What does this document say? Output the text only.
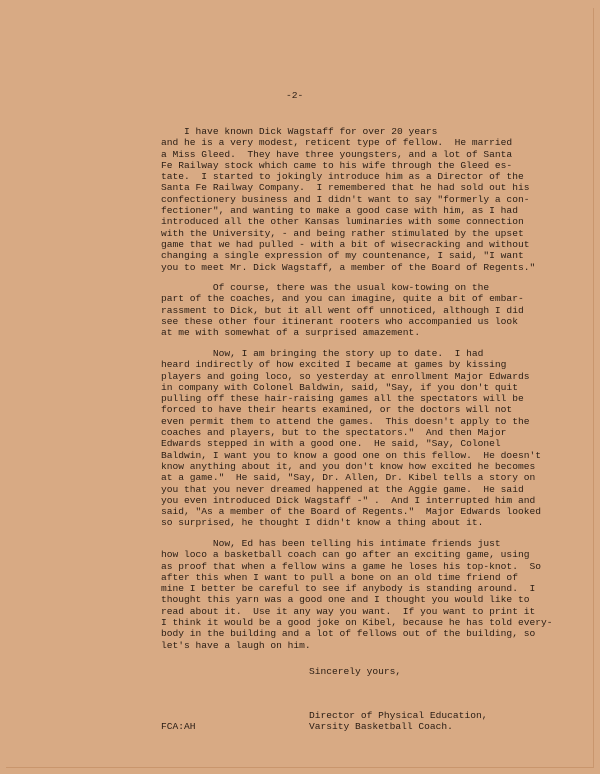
-2-
I have known Dick Wagstaff for over 20 years
and he is a very modest, reticent type of fellow.  He married
a Miss Gleed.  They have three youngsters, and a lot of Santa
Fe Railway stock which came to his wife through the Gleed es-
tate.  I started to jokingly introduce him as a Director of the
Santa Fe Railway Company.  I remembered that he had sold out his
confectionery business and I didn't want to say "formerly a con-
fectioner", and wanting to make a good case with him, as I had
introduced all the other Kansas luminaries with some connection
with the University, - and being rather stimulated by the upset
game that we had pulled - with a bit of wisecracking and without
changing a single expression of my countenance, I said, "I want
you to meet Mr. Dick Wagstaff, a member of the Board of Regents."
Of course, there was the usual kow-towing on the
part of the coaches, and you can imagine, quite a bit of embar-
rassment to Dick, but it all went off unnoticed, although I did
see these other four itinerant rooters who accompanied us look
at me with somewhat of a surprised amazement.
Now, I am bringing the story up to date.  I had
heard indirectly of how excited I became at games by kissing
players and going loco, so yesterday at enrollment Major Edwards
in company with Colonel Baldwin, said, "Say, if you don't quit
pulling off these hair-raising games all the spectators will be
forced to have their hearts examined, or the doctors will not
even permit them to attend the games.  This doesn't apply to the
coaches and players, but to the spectators."  And then Major
Edwards stepped in with a good one.  He said, "Say, Colonel
Baldwin, I want you to know a good one on this fellow.  He doesn't
know anything about it, and you don't know how excited he becomes
at a game."  He said, "Say, Dr. Allen, Dr. Kibel tells a story on
you that you never dreamed happened at the Aggie game.  He said
you even introduced Dick Wagstaff -" .  And I interrupted him and
said, "As a member of the Board of Regents."  Major Edwards looked
so surprised, he thought I didn't know a thing about it.
Now, Ed has been telling his intimate friends just
how loco a basketball coach can go after an exciting game, using
as proof that when a fellow wins a game he loses his top-knot.  So
after this when I want to pull a bone on an old time friend of
mine I better be careful to see if anybody is standing around.  I
thought this yarn was a good one and I thought you would like to
read about it.  Use it any way you want.  If you want to print it
I think it would be a good joke on Kibel, because he has told every-
body in the building and a lot of fellows out of the building, so
let's have a laugh on him.
Sincerely yours,
Director of Physical Education,
Varsity Basketball Coach.
FCA:AH
